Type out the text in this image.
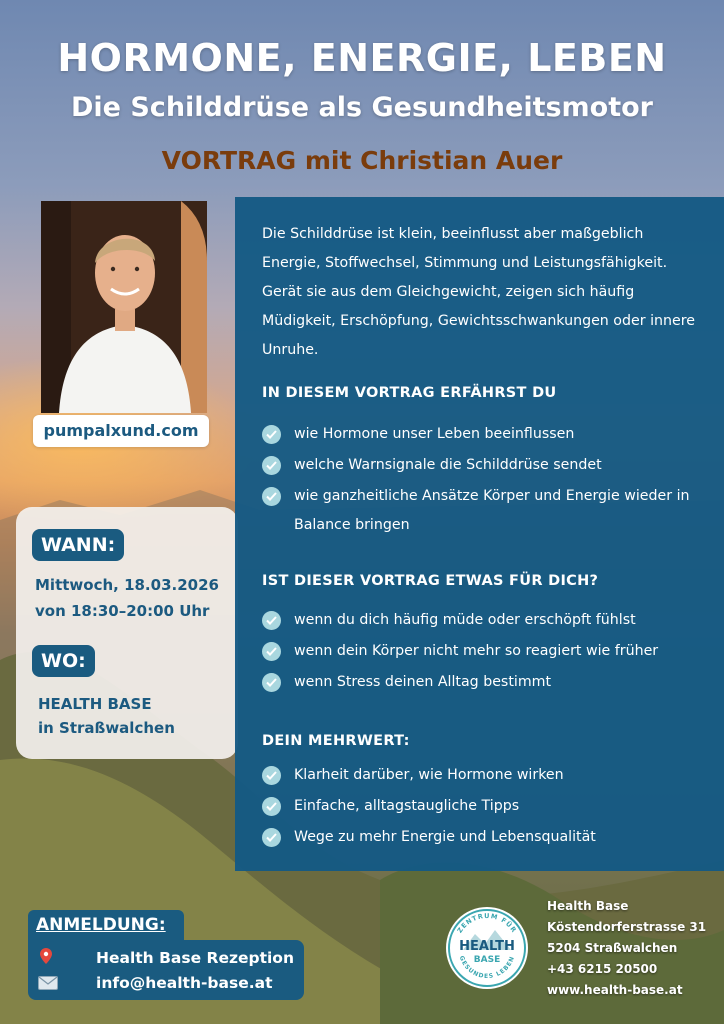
HORMONE, ENERGIE, LEBEN
Die Schilddrüse als Gesundheitsmotor
VORTRAG mit Christian Auer
pumpalxund.com
WANN:
Mittwoch, 18.03.2026
von 18:30–20:00 Uhr
WO:
HEALTH BASE
in Straßwalchen
Die Schilddrüse ist klein, beeinflusst aber maßgeblich Energie, Stoffwechsel, Stimmung und Leistungsfähigkeit. Gerät sie aus dem Gleichgewicht, zeigen sich häufig Müdigkeit, Erschöpfung, Gewichtsschwankungen oder innere Unruhe.
IN DIESEM VORTRAG ERFÄHRST DU
wie Hormone unser Leben beeinflussen
welche Warnsignale die Schilddrüse sendet
wie ganzheitliche Ansätze Körper und Energie wieder in Balance bringen
IST DIESER VORTRAG ETWAS FÜR DICH?
wenn du dich häufig müde oder erschöpft fühlst
wenn dein Körper nicht mehr so reagiert wie früher
wenn Stress deinen Alltag bestimmt
DEIN MEHRWERT:
Klarheit darüber, wie Hormone wirken
Einfache, alltagstaugliche Tipps
Wege zu mehr Energie und Lebensqualität
ANMELDUNG:
Health Base Rezeption
info@health-base.at
ZENTRUM FÜR
GESUNDES LEBEN
HEALTH
BASE
Health Base
Köstendorferstrasse 31
5204 Straßwalchen
+43 6215 20500
www.health-base.at
